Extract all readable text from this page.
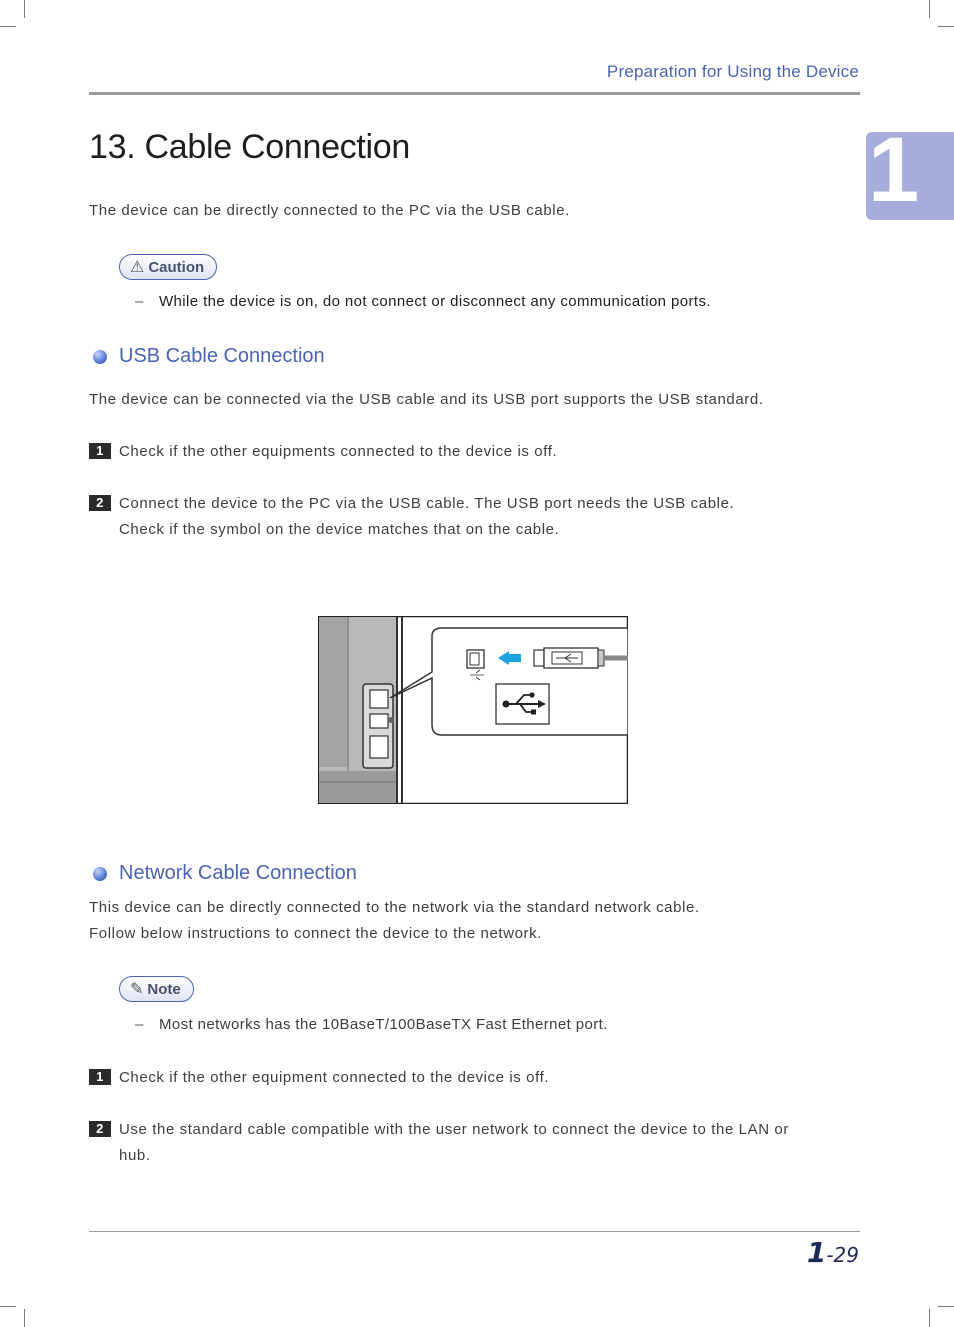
Preparation for Using the Device
1
13. Cable Connection
The device can be directly connected to the PC via the USB cable.
⚠ Caution
– While the device is on, do not connect or disconnect any communication ports.
USB Cable Connection
The device can be connected via the USB cable and its USB port supports the USB standard.
1 Check if the other equipments connected to the device is off.
2 Connect the device to the PC via the USB cable. The USB port needs the USB cable.
Check if the symbol on the device matches that on the cable.
Network Cable Connection
This device can be directly connected to the network via the standard network cable.
Follow below instructions to connect the device to the network.
✎ Note
– Most networks has the 10BaseT/100BaseTX Fast Ethernet port.
1 Check if the other equipment connected to the device is off.
2 Use the standard cable compatible with the user network to connect the device to the LAN or
hub.
1-29
